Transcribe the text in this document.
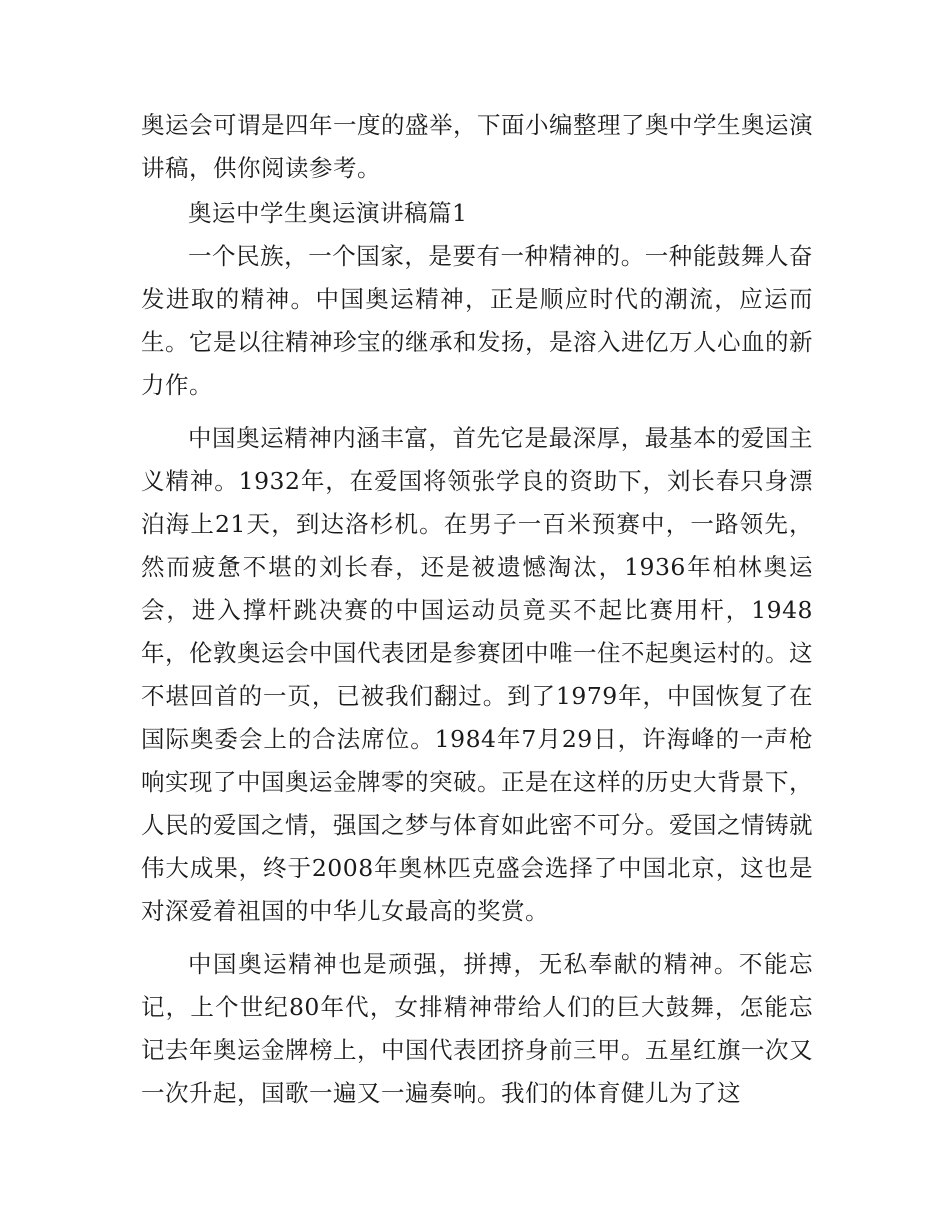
奥运会可谓是四年一度的盛举，下面小编整理了奥中学生奥运演讲稿，供你阅读参考。

奥运中学生奥运演讲稿篇1

一个民族，一个国家，是要有一种精神的。一种能鼓舞人奋发进取的精神。中国奥运精神，正是顺应时代的潮流，应运而生。它是以往精神珍宝的继承和发扬，是溶入进亿万人心血的新力作。

中国奥运精神内涵丰富，首先它是最深厚，最基本的爱国主义精神。1932年，在爱国将领张学良的资助下，刘长春只身漂泊海上21天，到达洛杉机。在男子一百米预赛中，一路领先，然而疲惫不堪的刘长春，还是被遗憾淘汰，1936年柏林奥运会，进入撑杆跳决赛的中国运动员竟买不起比赛用杆，1948年，伦敦奥运会中国代表团是参赛团中唯一住不起奥运村的。这不堪回首的一页，已被我们翻过。到了1979年，中国恢复了在国际奥委会上的合法席位。1984年7月29日，许海峰的一声枪响实现了中国奥运金牌零的突破。正是在这样的历史大背景下，人民的爱国之情，强国之梦与体育如此密不可分。爱国之情铸就伟大成果，终于2008年奥林匹克盛会选择了中国北京，这也是对深爱着祖国的中华儿女最高的奖赏。

中国奥运精神也是顽强，拼搏，无私奉献的精神。不能忘记，上个世纪80年代，女排精神带给人们的巨大鼓舞，怎能忘记去年奥运金牌榜上，中国代表团挤身前三甲。五星红旗一次又一次升起，国歌一遍又一遍奏响。我们的体育健儿为了这
